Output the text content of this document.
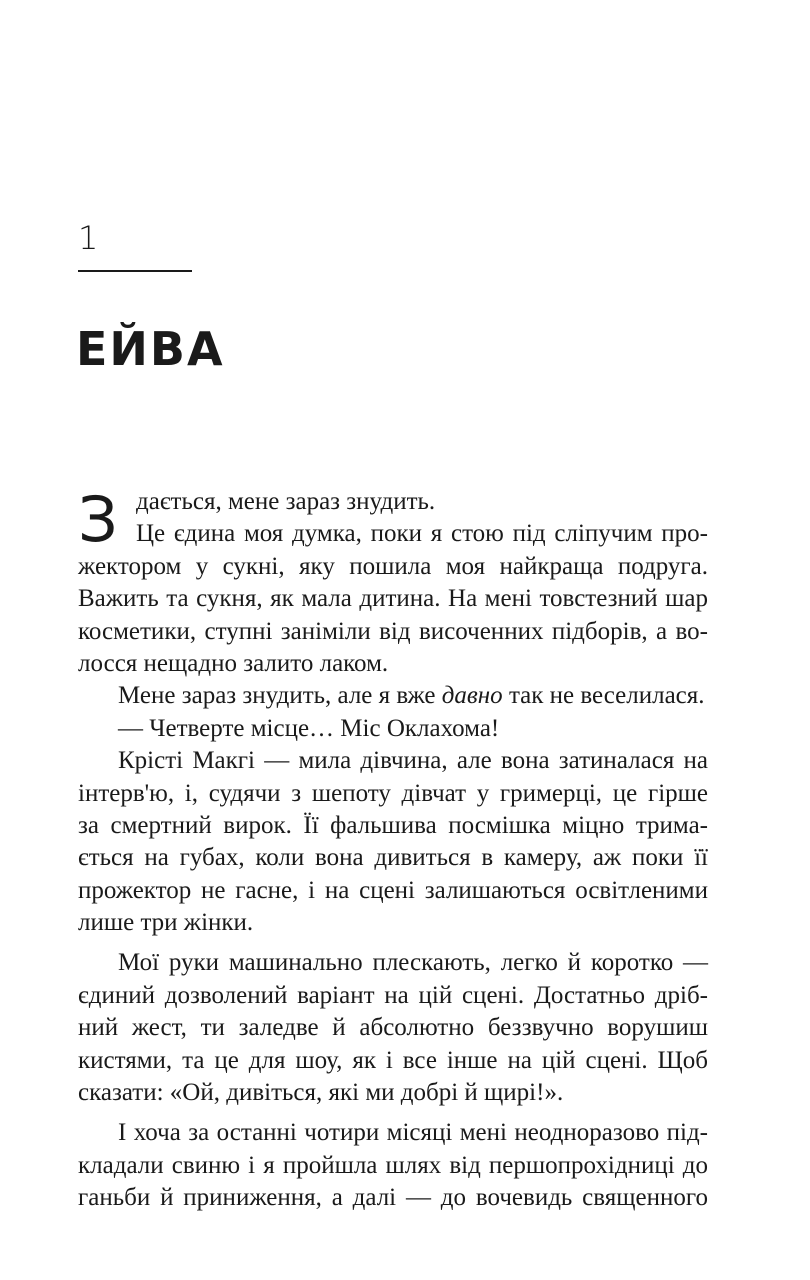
1
ЕЙВА
З дається, мене зараз знудить.
Це єдина моя думка, поки я стою під сліпучим про-
жектором у сукні, яку пошила моя найкраща подруга.
Важить та сукня, як мала дитина. На мені товстезний шар
косметики, ступні заніміли від височенних підборів, а во-
лосся нещадно залито лаком.
Мене зараз знудить, але я вже давно так не веселилася.
— Четверте місце… Міс Оклахома!
Крісті Макгі — мила дівчина, але вона затиналася на
інтерв'ю, і, судячи з шепоту дівчат у гримерці, це гірше
за смертний вирок. Її фальшива посмішка міцно трима-
ється на губах, коли вона дивиться в камеру, аж поки її
прожектор не гасне, і на сцені залишаються освітленими
лише три жінки.
Мої руки машинально плескають, легко й коротко —
єдиний дозволений варіант на цій сцені. Достатньо дріб-
ний жест, ти заледве й абсолютно беззвучно ворушиш
кистями, та це для шоу, як і все інше на цій сцені. Щоб
сказати: «Ой, дивіться, які ми добрі й щирі!».
І хоча за останні чотири місяці мені неодноразово під-
кладали свиню і я пройшла шлях від першопрохідниці до
ганьби й приниження, а далі — до вочевидь священного
